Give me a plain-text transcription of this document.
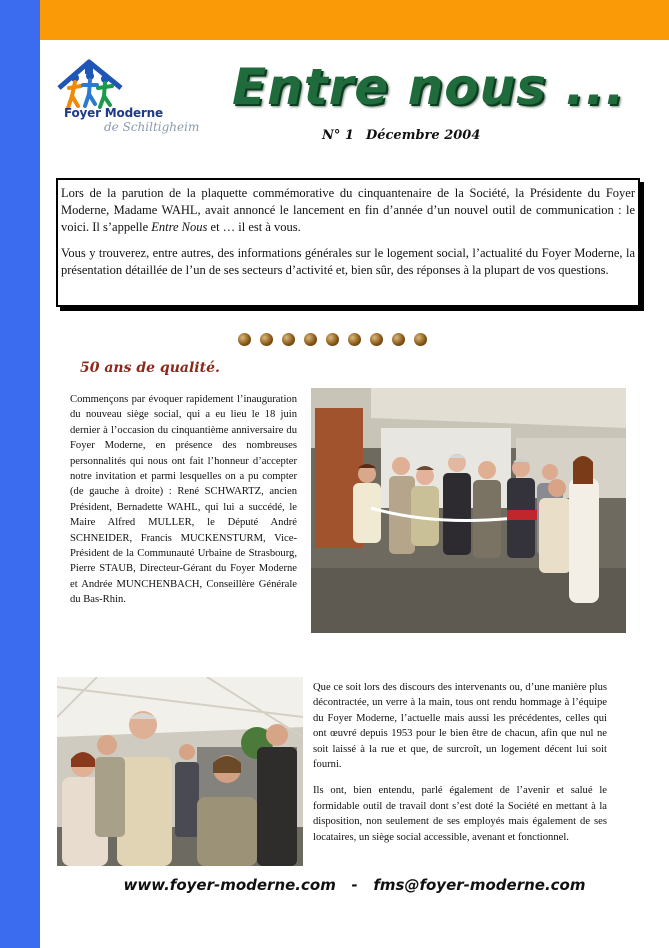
Foyer Moderne
de Schiltigheim
Entre nous ...
N° 1 Décembre 2004

Lors de la parution de la plaquette commémorative du cinquantenaire de la Société, la Présidente du Foyer Moderne, Madame WAHL, avait annoncé le lancement en fin d’année d’un nouvel outil de communication : le voici. Il s’appelle Entre Nous et … il est à vous.

Vous y trouverez, entre autres, des informations générales sur le logement social, l’actualité du Foyer Moderne, la présentation détaillée de l’un de ses secteurs d’activité et, bien sûr, des réponses à la plupart de vos questions.

50 ans de qualité.

Commençons par évoquer rapidement l’inauguration du nouveau siège social, qui a eu lieu le 18 juin dernier à l’occasion du cinquantième anniversaire du Foyer Moderne, en présence des nombreuses personnalités qui nous ont fait l’honneur d’accepter notre invitation et parmi lesquelles on a pu compter (de gauche à droite) : René SCHWARTZ, ancien Président, Bernadette WAHL, qui lui a succédé, le Maire Alfred MULLER, le Député André SCHNEIDER, Francis MUCKENSTURM, Vice-Président de la Communauté Urbaine de Strasbourg, Pierre STAUB, Directeur-Gérant du Foyer Moderne et Andrée MUNCHENBACH, Conseillère Générale du Bas-Rhin.

Que ce soit lors des discours des intervenants ou, d’une manière plus décontractée, un verre à la main, tous ont rendu hommage à l’équipe du Foyer Moderne, l’actuelle mais aussi les précédentes, celles qui ont œuvré depuis 1953 pour le bien être de chacun, afin que nul ne soit laissé à la rue et que, de surcroît, un logement décent lui soit fourni.

Ils ont, bien entendu, parlé également de l’avenir et salué le formidable outil de travail dont s’est doté la Société en mettant à la disposition, non seulement de ses employés mais également de ses locataires, un siège social accessible, avenant et fonctionnel.

www.foyer-moderne.com   -   fms@foyer-moderne.com
